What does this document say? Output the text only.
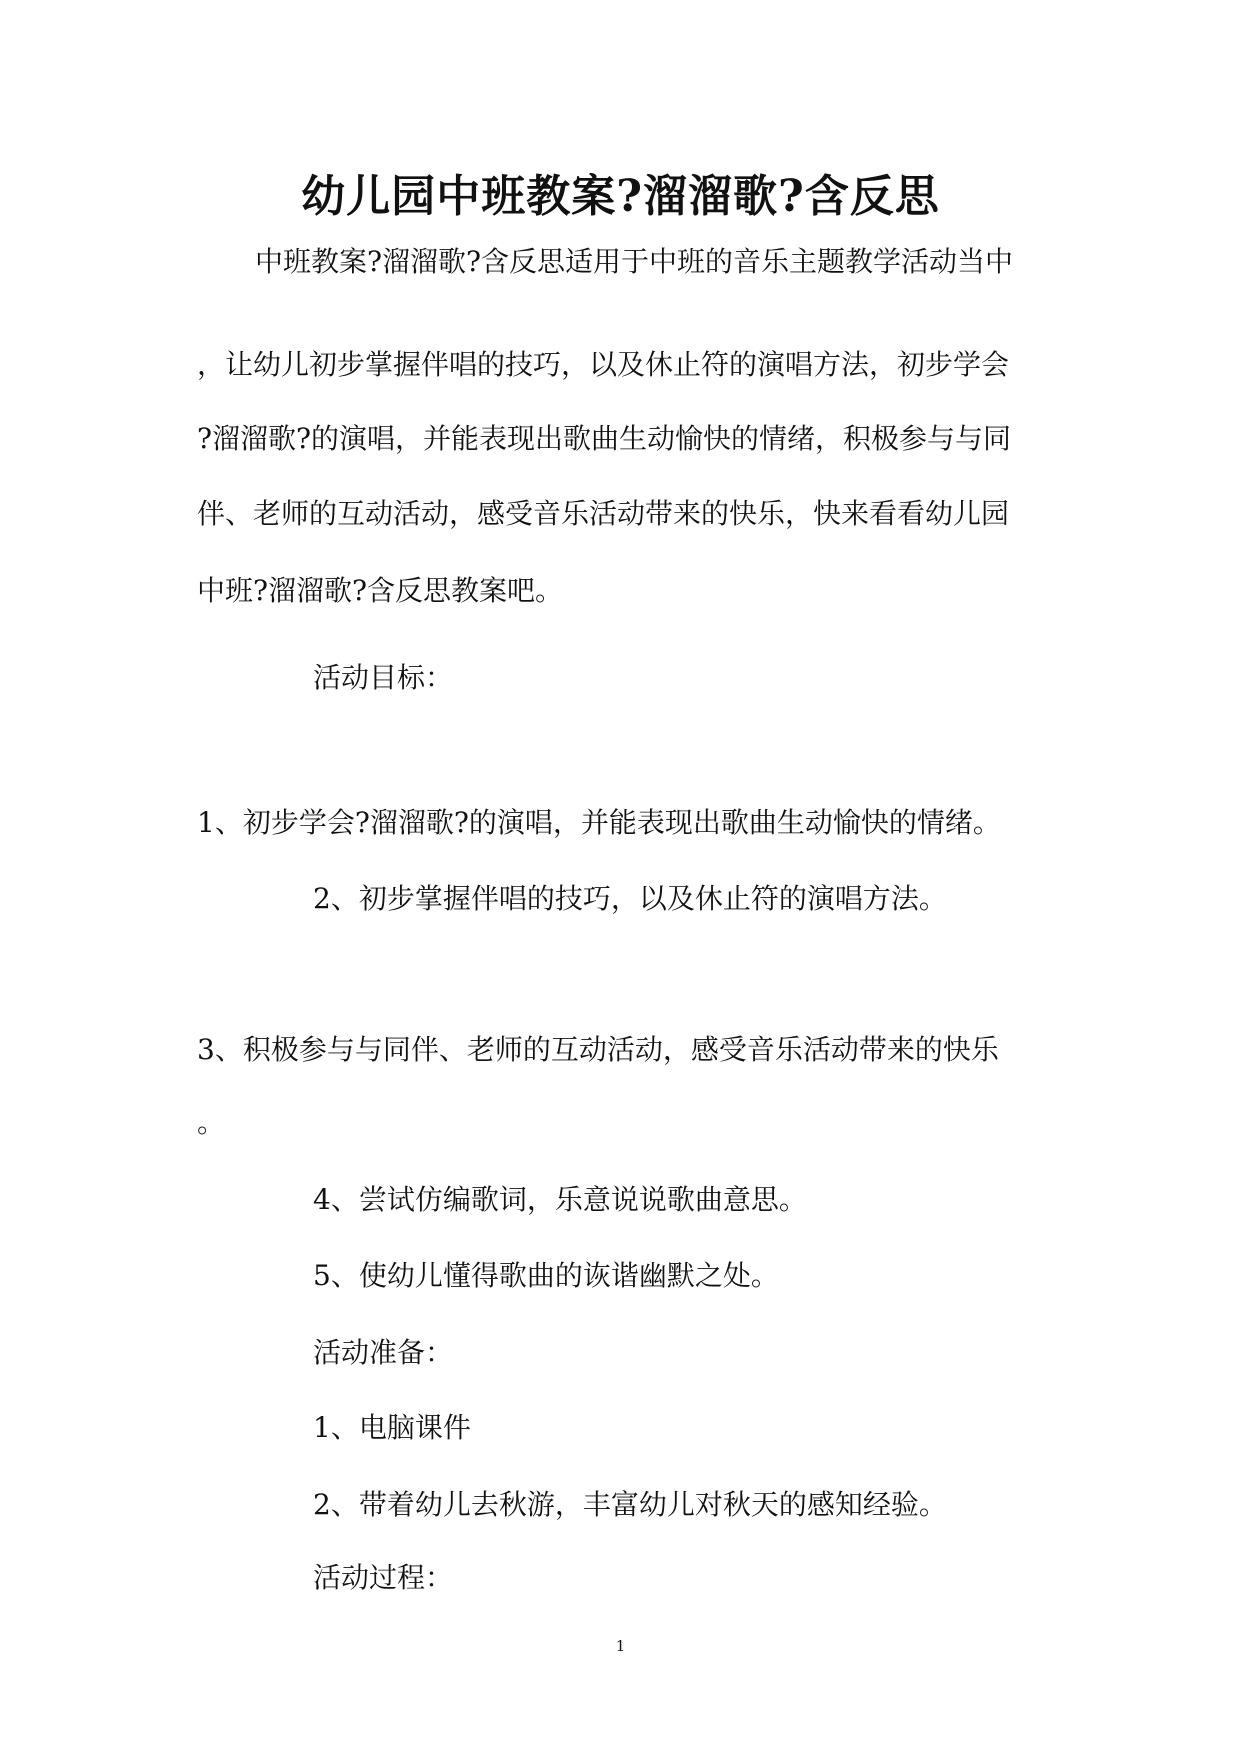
幼儿园中班教案?溜溜歌?含反思
中班教案?溜溜歌?含反思适用于中班的音乐主题教学活动当中
，让幼儿初步掌握伴唱的技巧，以及休止符的演唱方法，初步学会
?溜溜歌?的演唱，并能表现出歌曲生动愉快的情绪，积极参与与同
伴、老师的互动活动，感受音乐活动带来的快乐，快来看看幼儿园
中班?溜溜歌?含反思教案吧。
活动目标：
1、初步学会?溜溜歌?的演唱，并能表现出歌曲生动愉快的情绪。
2、初步掌握伴唱的技巧，以及休止符的演唱方法。
3、积极参与与同伴、老师的互动活动，感受音乐活动带来的快乐
。
4、尝试仿编歌词，乐意说说歌曲意思。
5、使幼儿懂得歌曲的诙谐幽默之处。
活动准备：
1、电脑课件
2、带着幼儿去秋游，丰富幼儿对秋天的感知经验。
活动过程：
1
